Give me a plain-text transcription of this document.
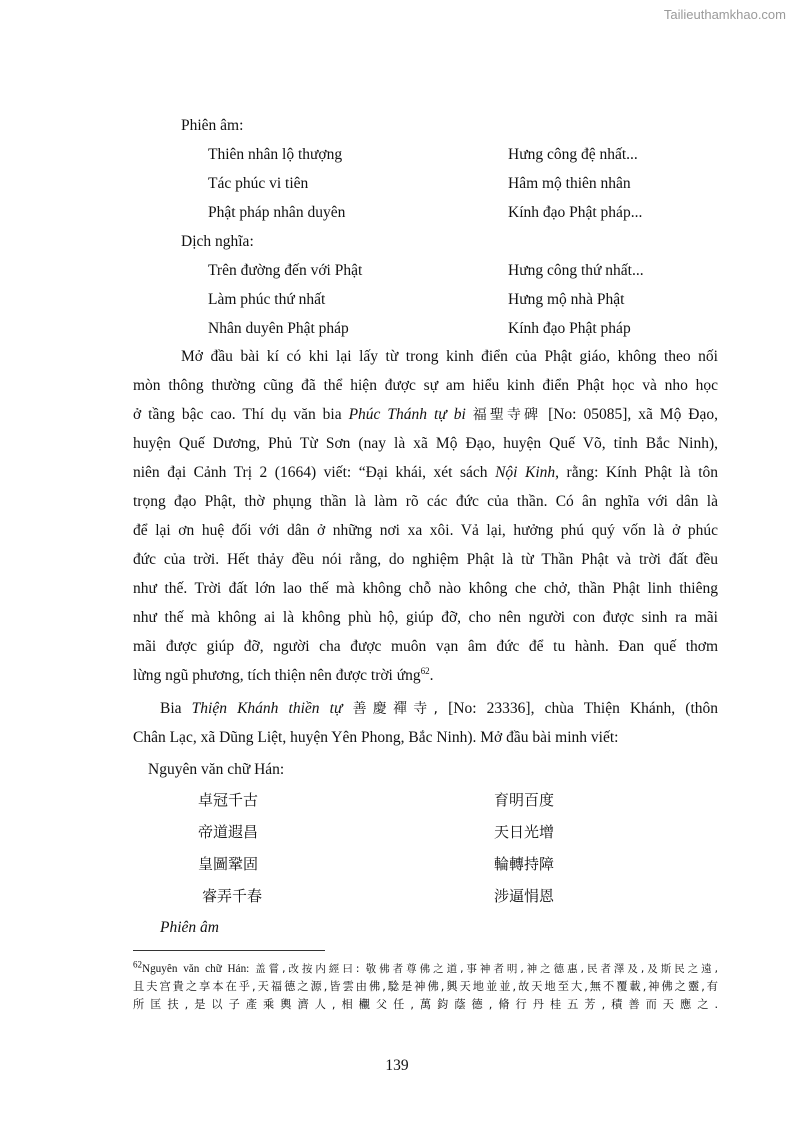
Tailieuthamkhao.com
Phiên âm:
Thiên nhân lộ thượng	Hưng công đệ nhất...
Tác phúc vi tiên	Hâm mộ thiên nhân
Phật pháp nhân duyên	Kính đạo Phật pháp...
Dịch nghĩa:
Trên đường đến với Phật	Hưng công thứ nhất...
Làm phúc thứ nhất	Hưng mộ nhà Phật
Nhân duyên Phật pháp	Kính đạo Phật pháp
Mở đầu bài kí có khi lại lấy từ trong kinh điển của Phật giáo, không theo nối
mòn thông thường cũng đã thể hiện được sự am hiểu kinh điển Phật học và nho học
ở tầng bậc cao. Thí dụ văn bia Phúc Thánh tự bi 福聖寺碑 [No: 05085], xã Mộ Đạo,
huyện Quế Dương, Phủ Từ Sơn (nay là xã Mộ Đạo, huyện Quế Võ, tỉnh Bắc Ninh),
niên đại Cảnh Trị 2 (1664) viết: “Đại khái, xét sách Nội Kinh, rằng: Kính Phật là tôn
trọng đạo Phật, thờ phụng thần là làm rõ các đức của thần. Có ân nghĩa với dân là
để lại ơn huệ đối với dân ở những nơi xa xôi. Vả lại, hưởng phú quý vốn là ở phúc
đức của trời. Hết thảy đều nói rằng, do nghiệm Phật là từ Thần Phật và trời đất đều
như thế. Trời đất lớn lao thế mà không chỗ nào không che chở, thần Phật linh thiêng
như thế mà không ai là không phù hộ, giúp đỡ, cho nên người con được sinh ra mãi
mãi được giúp đỡ, người cha được muôn vạn âm đức để tu hành. Đan quế thơm
lừng ngũ phương, tích thiện nên được trời ứng$^{62}$.
Bia Thiện Khánh thiền tự 善慶禪寺, [No: 23336], chùa Thiện Khánh, (thôn
Chân Lạc, xã Dũng Liệt, huyện Yên Phong, Bắc Ninh). Mở đầu bài minh viết:
Nguyên văn chữ Hán:
卓冠千古	育明百度
帝道遐昌	天日光增
皇圖鞏固	輪轉持障
睿弄千春	涉逼悁恩
Phiên âm
$^{62}$Nguyên văn chữ Hán: 盖嘗,改按内經曰: 敬佛者尊佛之道,事神者明,神之德惠,民者澤及,及斯民之遠,
且夫宫貴之享本在乎,天福德之源,皆雲由佛,騐是神佛,興天地並並,故天地至大,無不覆載,神佛之靈,有
所匡扶,是以子產乘輿濟人,相欟父任,萬鈞蔭德,脩行丹桂五芳,積善而天應之.
139
